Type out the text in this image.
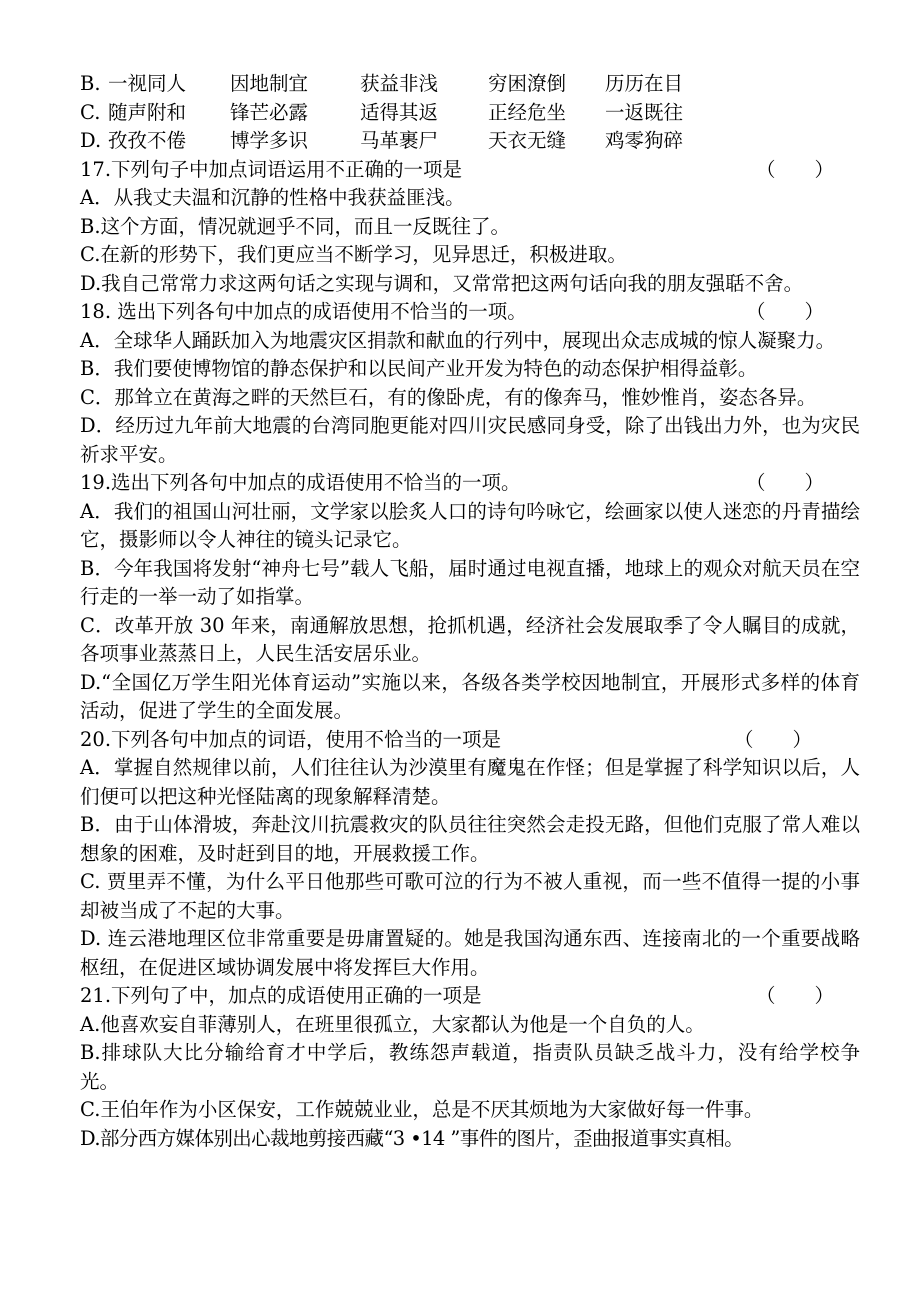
B. 一视同人 因地制宜	获益非浅	穷困潦倒 历历在目
C. 随声附和 锋芒必露	适得其返	正经危坐 一返既往
D. 孜孜不倦 博学多识	马革裹尸	天衣无缝 鸡零狗碎
17.下列句子中加点词语运用不正确的一项是	（　　）
A．从我丈夫温和沉静的性格中我获益匪浅。
B.这个方面，情况就迥乎不同，而且一反既往了。
C.在新的形势下，我们更应当不断学习，见异思迁，积极进取。
D.我自己常常力求这两句话之实现与调和，又常常把这两句话向我的朋友强聒不舍。
18. 选出下列各句中加点的成语使用不恰当的一项。	（　　）
A．全球华人踊跃加入为地震灾区捐款和献血的行列中，展现出众志成城的惊人凝聚力。
B．我们要使博物馆的静态保护和以民间产业开发为特色的动态保护相得益彰。
C．那耸立在黄海之畔的天然巨石，有的像卧虎，有的像奔马，惟妙惟肖，姿态各异。
D．经历过九年前大地震的台湾同胞更能对四川灾民感同身受，除了出钱出力外，也为灾民祈求平安。
19.选出下列各句中加点的成语使用不恰当的一项。	（　　）
A．我们的祖国山河壮丽，文学家以脍炙人口的诗句吟咏它，绘画家以使人迷恋的丹青描绘它，摄影师以令人神往的镜头记录它。
B．今年我国将发射“神舟七号”载人飞船，届时通过电视直播，地球上的观众对航天员在空行走的一举一动了如指掌。
C．改革开放 30 年来，南通解放思想，抢抓机遇，经济社会发展取季了令人瞩目的成就，各项事业蒸蒸日上，人民生活安居乐业。
D.“全国亿万学生阳光体育运动”实施以来，各级各类学校因地制宜，开展形式多样的体育活动，促进了学生的全面发展。
20.下列各句中加点的词语，使用不恰当的一项是	（　　）
A．掌握自然规律以前，人们往往认为沙漠里有魔鬼在作怪；但是掌握了科学知识以后，人们便可以把这种光怪陆离的现象解释清楚。
B．由于山体滑坡，奔赴汶川抗震救灾的队员往往突然会走投无路，但他们克服了常人难以想象的困难，及时赶到目的地，开展救援工作。
C. 贾里弄不懂，为什么平日他那些可歌可泣的行为不被人重视，而一些不值得一提的小事却被当成了不起的大事。
D. 连云港地理区位非常重要是毋庸置疑的。她是我国沟通东西、连接南北的一个重要战略枢纽，在促进区域协调发展中将发挥巨大作用。
21.下列句了中，加点的成语使用正确的一项是	（　　）
A.他喜欢妄自菲薄别人，在班里很孤立，大家都认为他是一个自负的人。
B.排球队大比分输给育才中学后，教练怨声载道，指责队员缺乏战斗力，没有给学校争光。
C.王伯年作为小区保安，工作兢兢业业，总是不厌其烦地为大家做好每一件事。
D.部分西方媒体别出心裁地剪接西藏“3 •14 ”事件的图片，歪曲报道事实真相。
